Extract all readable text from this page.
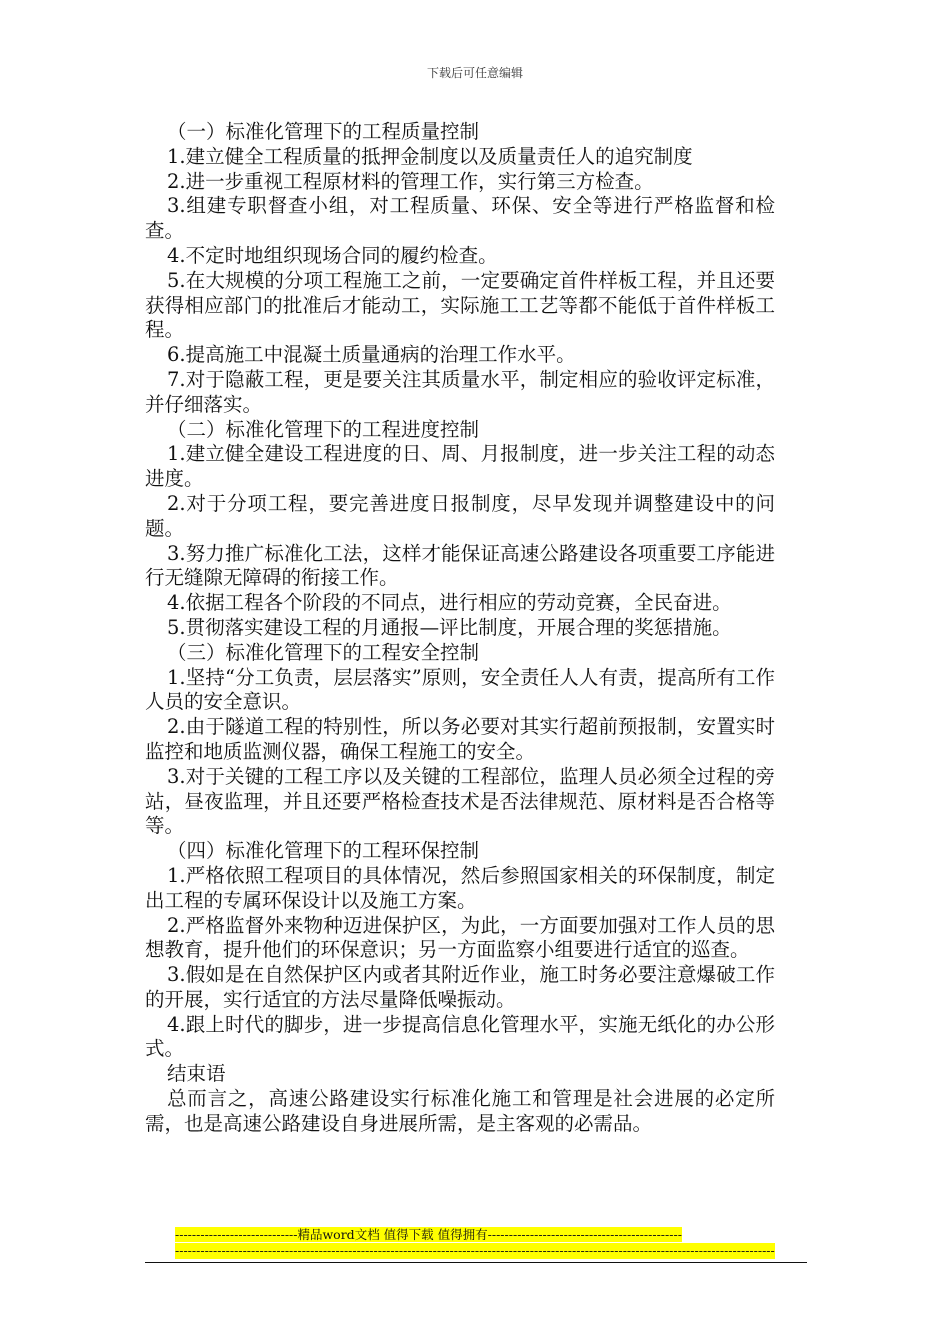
下载后可任意编辑

（一）标准化管理下的工程质量控制

1.建立健全工程质量的抵押金制度以及质量责任人的追究制度

2.进一步重视工程原材料的管理工作，实行第三方检查。

3.组建专职督查小组，对工程质量、环保、安全等进行严格监督和检查。

4.不定时地组织现场合同的履约检查。

5.在大规模的分项工程施工之前，一定要确定首件样板工程，并且还要获得相应部门的批准后才能动工，实际施工工艺等都不能低于首件样板工程。

6.提高施工中混凝土质量通病的治理工作水平。

7.对于隐蔽工程，更是要关注其质量水平，制定相应的验收评定标准，并仔细落实。

（二）标准化管理下的工程进度控制

1.建立健全建设工程进度的日、周、月报制度，进一步关注工程的动态进度。

2.对于分项工程，要完善进度日报制度，尽早发现并调整建设中的问题。

3.努力推广标准化工法，这样才能保证高速公路建设各项重要工序能进行无缝隙无障碍的衔接工作。

4.依据工程各个阶段的不同点，进行相应的劳动竞赛，全民奋进。

5.贯彻落实建设工程的月通报—评比制度，开展合理的奖惩措施。

（三）标准化管理下的工程安全控制

1.坚持“分工负责，层层落实”原则，安全责任人人有责，提高所有工作人员的安全意识。

2.由于隧道工程的特别性，所以务必要对其实行超前预报制，安置实时监控和地质监测仪器，确保工程施工的安全。

3.对于关键的工程工序以及关键的工程部位，监理人员必须全过程的旁站，昼夜监理，并且还要严格检查技术是否法律规范、原材料是否合格等等。

（四）标准化管理下的工程环保控制

1.严格依照工程项目的具体情况，然后参照国家相关的环保制度，制定出工程的专属环保设计以及施工方案。

2.严格监督外来物种迈进保护区，为此，一方面要加强对工作人员的思想教育，提升他们的环保意识；另一方面监察小组要进行适宜的巡查。

3.假如是在自然保护区内或者其附近作业，施工时务必要注意爆破工作的开展，实行适宜的方法尽量降低噪振动。

4.跟上时代的脚步，进一步提高信息化管理水平，实施无纸化的办公形式。

结束语

总而言之，高速公路建设实行标准化施工和管理是社会进展的必定所需，也是高速公路建设自身进展所需，是主客观的必需品。

-----------------------------精品word文档 值得下载 值得拥有----------------------------------------------
----------------------------------------------------------------------------------------------------------------------------------------------
